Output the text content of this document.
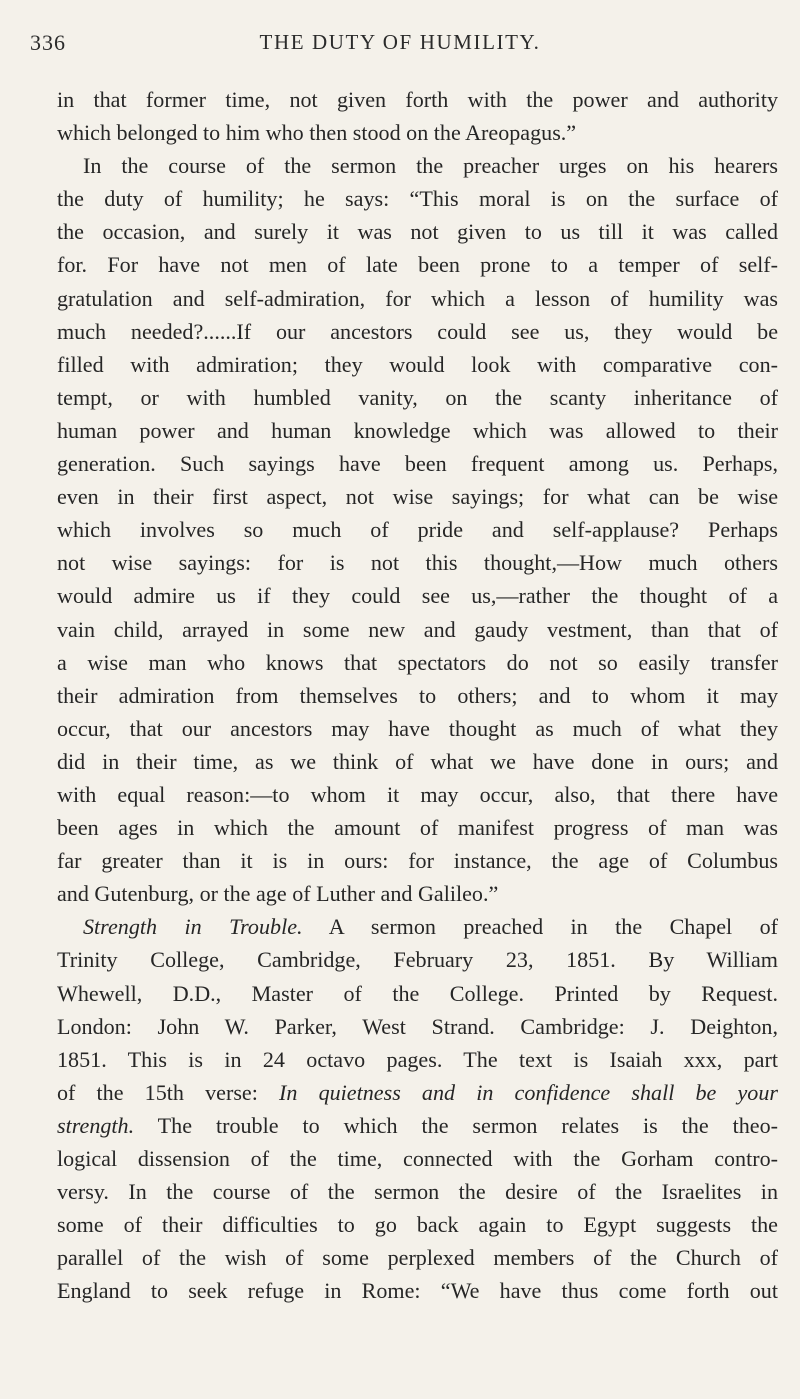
336	THE DUTY OF HUMILITY.
in that former time, not given forth with the power and authority
which belonged to him who then stood on the Areopagus.”
In the course of the sermon the preacher urges on his hearers
the duty of humility; he says: “This moral is on the surface of
the occasion, and surely it was not given to us till it was called
for. For have not men of late been prone to a temper of self-
gratulation and self-admiration, for which a lesson of humility was
much needed?......If our ancestors could see us, they would be
filled with admiration; they would look with comparative con-
tempt, or with humbled vanity, on the scanty inheritance of
human power and human knowledge which was allowed to their
generation. Such sayings have been frequent among us. Perhaps,
even in their first aspect, not wise sayings; for what can be wise
which involves so much of pride and self-applause? Perhaps
not wise sayings: for is not this thought,—How much others
would admire us if they could see us,—rather the thought of a
vain child, arrayed in some new and gaudy vestment, than that of
a wise man who knows that spectators do not so easily transfer
their admiration from themselves to others; and to whom it may
occur, that our ancestors may have thought as much of what they
did in their time, as we think of what we have done in ours; and
with equal reason:—to whom it may occur, also, that there have
been ages in which the amount of manifest progress of man was
far greater than it is in ours: for instance, the age of Columbus
and Gutenburg, or the age of Luther and Galileo.”
Strength in Trouble. A sermon preached in the Chapel of
Trinity College, Cambridge, February 23, 1851. By William
Whewell, D.D., Master of the College. Printed by Request.
London: John W. Parker, West Strand. Cambridge: J. Deighton,
1851. This is in 24 octavo pages. The text is Isaiah xxx, part
of the 15th verse: In quietness and in confidence shall be your
strength. The trouble to which the sermon relates is the theo-
logical dissension of the time, connected with the Gorham contro-
versy. In the course of the sermon the desire of the Israelites in
some of their difficulties to go back again to Egypt suggests the
parallel of the wish of some perplexed members of the Church of
England to seek refuge in Rome: “We have thus come forth out
